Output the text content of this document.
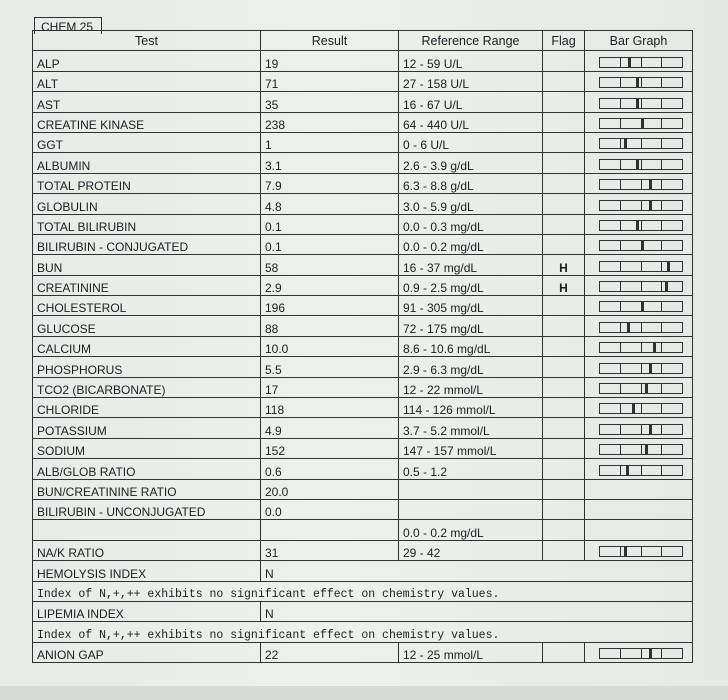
CHEM 25
Test	Result	Reference Range	Flag	Bar Graph
ALP	19	12 - 59 U/L		

ALT	71	27 - 158 U/L		

AST	35	16 - 67 U/L		

CREATINE KINASE	238	64 - 440 U/L		

GGT	1	0 - 6 U/L		

ALBUMIN	3.1	2.6 - 3.9 g/dL		

TOTAL PROTEIN	7.9	6.3 - 8.8 g/dL		

GLOBULIN	4.8	3.0 - 5.9 g/dL		

TOTAL BILIRUBIN	0.1	0.0 - 0.3 mg/dL		

BILIRUBIN - CONJUGATED	0.1	0.0 - 0.2 mg/dL		

BUN	58	16 - 37 mg/dL	H	

CREATININE	2.9	0.9 - 2.5 mg/dL	H	

CHOLESTEROL	196	91 - 305 mg/dL		

GLUCOSE	88	72 - 175 mg/dL		

CALCIUM	10.0	8.6 - 10.6 mg/dL		

PHOSPHORUS	5.5	2.9 - 6.3 mg/dL		

TCO2 (BICARBONATE)	17	12 - 22 mmol/L		

CHLORIDE	118	114 - 126 mmol/L		

POTASSIUM	4.9	3.7 - 5.2 mmol/L		

SODIUM	152	147 - 157 mmol/L		

ALB/GLOB RATIO	0.6	0.5 - 1.2		

BUN/CREATININE RATIO	20.0			
BILIRUBIN - UNCONJUGATED	0.0			
		0.0 - 0.2 mg/dL		
NA/K RATIO	31	29 - 42		

HEMOLYSIS INDEX	N			
Index of N,+,++ exhibits no significant effect on chemistry values.				
LIPEMIA INDEX	N			
Index of N,+,++ exhibits no significant effect on chemistry values.				
ANION GAP	22	12 - 25 mmol/L		
